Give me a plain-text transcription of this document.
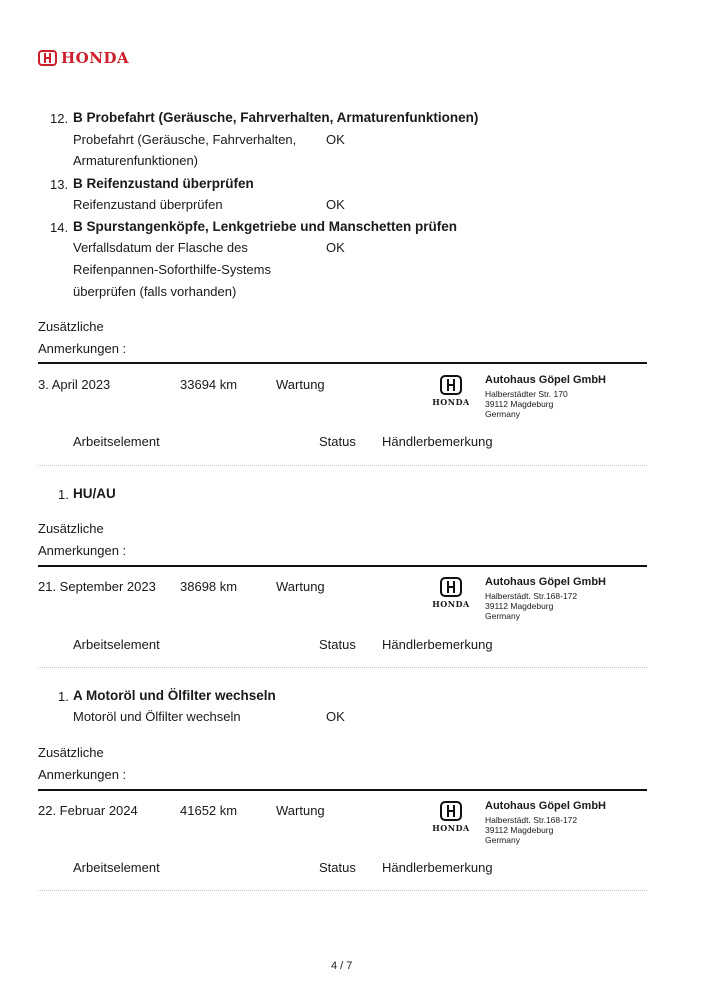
HONDA
12. B Probefahrt (Geräusche, Fahrverhalten, Armaturenfunktionen)
Probefahrt (Geräusche, Fahrverhalten,
Armaturenfunktionen)
OK
13. B Reifenzustand überprüfen
Reifenzustand überprüfen	OK
14. B Spurstangenköpfe, Lenkgetriebe und Manschetten prüfen
Verfallsdatum der Flasche des
Reifenpannen-Soforthilfe-Systems
überprüfen (falls vorhanden)
OK
Zusätzliche
Anmerkungen :
3. April 2023	33694 km	Wartung
HONDA
Autohaus Göpel GmbH
Halberstädter Str. 170
39112 Magdeburg
Germany
Arbeitselement	Status Händlerbemerkung
1. HU/AU
Zusätzliche
Anmerkungen :
21. September 2023 38698 km	Wartung
HONDA
Autohaus Göpel GmbH
Halberstädt. Str.168-172
39112 Magdeburg
Germany
Arbeitselement	Status Händlerbemerkung
1. A Motoröl und Ölfilter wechseln
Motoröl und Ölfilter wechseln	OK
Zusätzliche
Anmerkungen :
22. Februar 2024	41652 km	Wartung
HONDA
Autohaus Göpel GmbH
Halberstädt. Str.168-172
39112 Magdeburg
Germany
Arbeitselement	Status Händlerbemerkung
4 / 7
